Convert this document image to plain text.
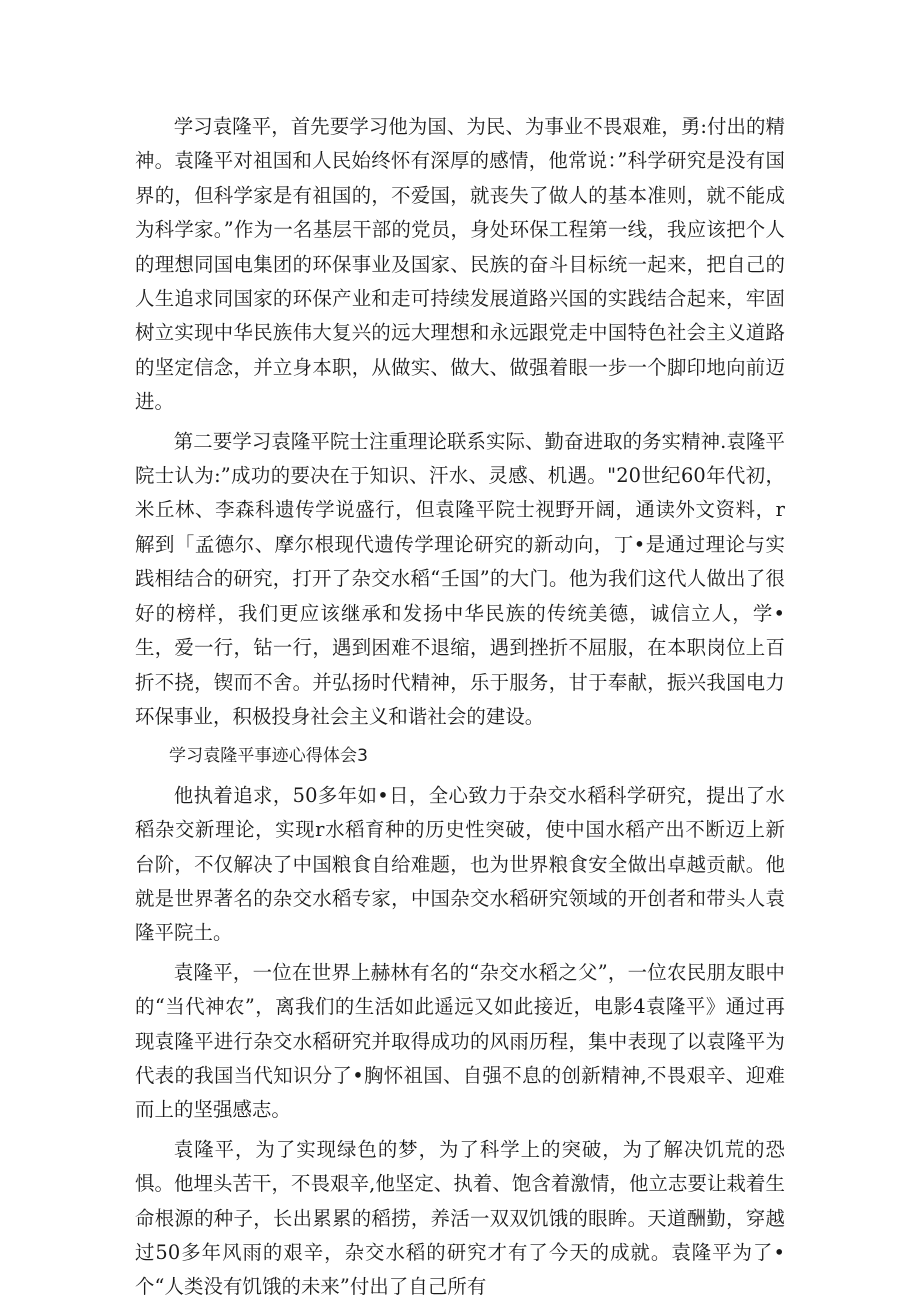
学习袁隆平，首先要学习他为国、为民、为事业不畏艰难，勇:付出的精神。袁隆平对祖国和人民始终怀有深厚的感情，他常说：”科学研究是没有国界的，但科学家是有祖国的，不爱国，就丧失了做人的基本准则，就不能成为科学家。”作为一名基层干部的党员，身处环保工程第一线，我应该把个人的理想同国电集团的环保事业及国家、民族的奋斗目标统一起来，把自己的人生追求同国家的环保产业和走可持续发展道路兴国的实践结合起来，牢固树立实现中华民族伟大复兴的远大理想和永远跟党走中国特色社会主义道路的坚定信念，并立身本职，从做实、做大、做强着眼一步一个脚印地向前迈进。

第二要学习袁隆平院士注重理论联系实际、勤奋进取的务实精神.袁隆平院士认为:”成功的要决在于知识、汗水、灵感、机遇。"20世纪60年代初，米丘林、李森科遗传学说盛行，但袁隆平院士视野开阔，通读外文资料，r解到「孟德尔、摩尔根现代遗传学理论研究的新动向，丁•是通过理论与实践相结合的研究，打开了杂交水稻“壬国”的大门。他为我们这代人做出了很好的榜样，我们更应该继承和发扬中华民族的传统美德，诚信立人，学•生，爱一行，钻一行，遇到困难不退缩，遇到挫折不屈服，在本职岗位上百折不挠，锲而不舍。并弘扬时代精神，乐于服务，甘于奉献，振兴我国电力环保事业，积极投身社会主义和谐社会的建设。

学习袁隆平事迹心得体会3

他执着追求，50多年如•日，全心致力于杂交水稻科学研究，提出了水稻杂交新理论，实现r水稻育种的历史性突破，使中国水稻产出不断迈上新台阶，不仅解决了中国粮食自给难题，也为世界粮食安全做出卓越贡献。他就是世界著名的杂交水稻专家，中国杂交水稻研究领域的开创者和带头人袁隆平院土。

袁隆平，一位在世界上赫林有名的“杂交水稻之父”，一位农民朋友眼中的“当代神农”，离我们的生活如此遥远又如此接近，电影4袁隆平》通过再现袁隆平进行杂交水稻研究并取得成功的风雨历程，集中表现了以袁隆平为代表的我国当代知识分了•胸怀祖国、自强不息的创新精神,不畏艰辛、迎难而上的坚强感志。

袁隆平，为了实现绿色的梦，为了科学上的突破，为了解决饥荒的恐惧。他埋头苦干，不畏艰辛,他坚定、执着、饱含着激情，他立志要让栽着生命根源的种子，长出累累的稻捞，养活一双双饥饿的眼眸。天道酬勤，穿越过50多年风雨的艰辛，杂交水稻的研究才有了今天的成就。袁隆平为了•个“人类没有饥饿的未来”付出了自己所有
